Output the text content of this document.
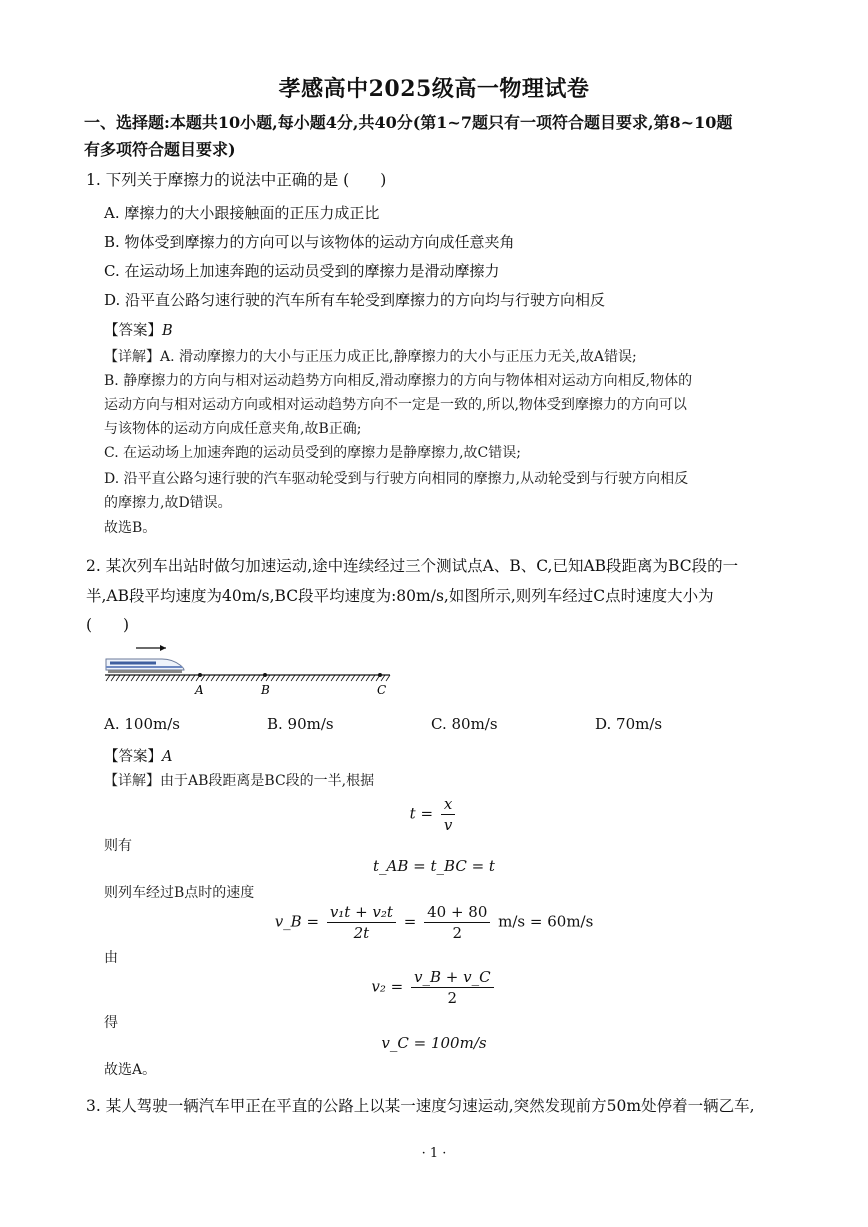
孝感高中2025级高一物理试卷
一、选择题:本题共10小题,每小题4分,共40分(第1~7题只有一项符合题目要求,第8~10题
有多项符合题目要求)
1. 下列关于摩擦力的说法中正确的是 (　　)
A. 摩擦力的大小跟接触面的正压力成正比
B. 物体受到摩擦力的方向可以与该物体的运动方向成任意夹角
C. 在运动场上加速奔跑的运动员受到的摩擦力是滑动摩擦力
D. 沿平直公路匀速行驶的汽车所有车轮受到摩擦力的方向均与行驶方向相反
【答案】B
【详解】A. 滑动摩擦力的大小与正压力成正比,静摩擦力的大小与正压力无关,故A错误;
B. 静摩擦力的方向与相对运动趋势方向相反,滑动摩擦力的方向与物体相对运动方向相反,物体的
运动方向与相对运动方向或相对运动趋势方向不一定是一致的,所以,物体受到摩擦力的方向可以
与该物体的运动方向成任意夹角,故B正确;
C. 在运动场上加速奔跑的运动员受到的摩擦力是静摩擦力,故C错误;
D. 沿平直公路匀速行驶的汽车驱动轮受到与行驶方向相同的摩擦力,从动轮受到与行驶方向相反
的摩擦力,故D错误。
故选B。
2. 某次列车出站时做匀加速运动,途中连续经过三个测试点A、B、C,已知AB段距离为BC段的一
半,AB段平均速度为40m/s,BC段平均速度为:80m/s,如图所示,则列车经过C点时速度大小为
(　　)
A	B	C
A. 100m/s	B. 90m/s	C. 80m/s	D. 70m/s
【答案】A
【详解】由于AB段距离是BC段的一半,根据
$t = \frac{x}{v}$
则有
t_AB = t_BC = t
则列车经过B点时的速度
v_B = $\frac{\text{v₁t + v₂t}}{2t} = \frac{40 + 80}{2} m/s = 60m/s$
由
$v_2 = \frac{v\_B + v\_C}{2}$
得
v_C = 100m/s
故选A。
3. 某人驾驶一辆汽车甲正在平直的公路上以某一速度匀速运动,突然发现前方50m处停着一辆乙车,
· 1 ·
